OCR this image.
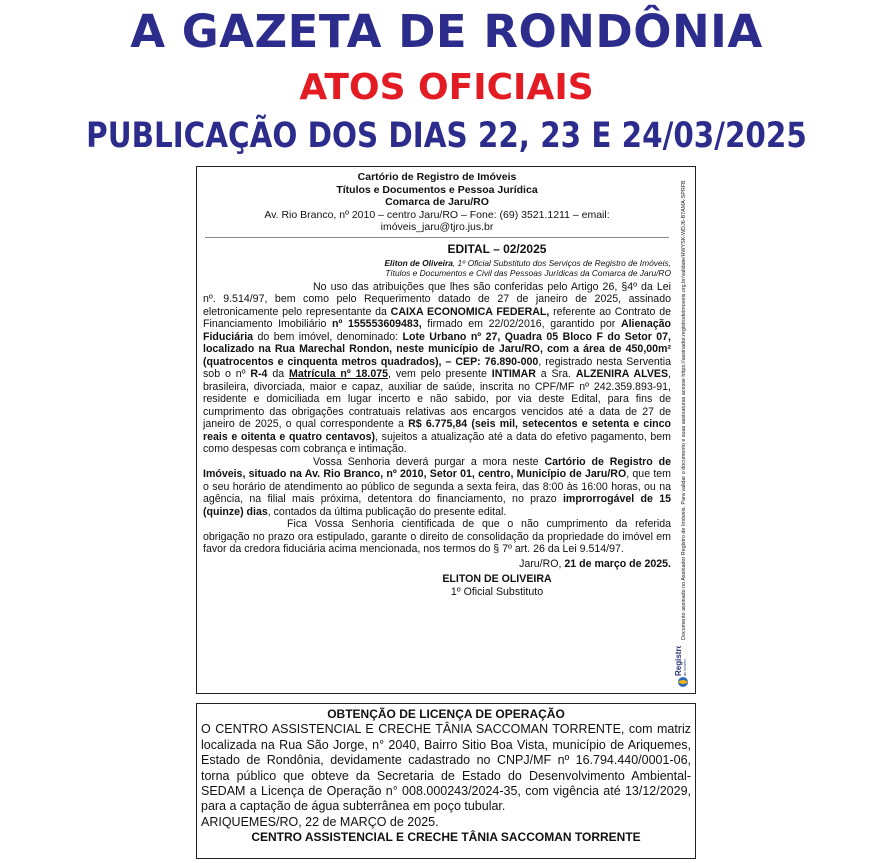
A GAZETA DE RONDÔNIA
ATOS OFICIAIS
PUBLICAÇÃO DOS DIAS 22, 23 E 24/03/2025
Cartório de Registro de Imóveis
Títulos e Documentos e Pessoa Jurídica
Comarca de Jaru/RO
Av. Rio Branco, nº 2010 – centro Jaru/RO – Fone: (69) 3521.1211 – email:
imóveis_jaru@tjro.jus.br
EDITAL – 02/2025
Eliton de Oliveira, 1º Oficial Substituto dos Serviços de Registro de Imóveis,
Títulos e Documentos e Civil das Pessoas Jurídicas da Comarca de Jaru/RO

No uso das atribuições que lhes são conferidas pelo Artigo 26, §4º da Lei nº. 9.514/97, bem como pelo Requerimento datado de 27 de janeiro de 2025, assinado eletronicamente pelo representante da CAIXA ECONOMICA FEDERAL, referente ao Contrato de Financiamento Imobiliário nº 155553609483, firmado em 22/02/2016, garantido por Alienação Fiduciária do bem imóvel, denominado: Lote Urbano nº 27, Quadra 05 Bloco F do Setor 07, localizado na Rua Marechal Rondon, neste município de Jaru/RO, com a área de 450,00m² (quatrocentos e cinquenta metros quadrados), – CEP: 76.890-000, registrado nesta Serventia sob o nº R-4 da Matrícula nº 18.075, vem pelo presente INTIMAR a Sra. ALZENIRA ALVES, brasileira, divorciada, maior e capaz, auxiliar de saúde, inscrita no CPF/MF nº 242.359.893-91, residente e domiciliada em lugar incerto e não sabido, por via deste Edital, para fins de cumprimento das obrigações contratuais relativas aos encargos vencidos até a data de 27 de janeiro de 2025, o qual correspondente a R$ 6.775,84 (seis mil, setecentos e setenta e cinco reais e oitenta e quatro centavos), sujeitos a atualização até a data do efetivo pagamento, bem como despesas com cobrança e intimação.

Vossa Senhoria deverá purgar a mora neste Cartório de Registro de Imóveis, situado na Av. Rio Branco, nº 2010, Setor 01, centro, Município de Jaru/RO, que tem o seu horário de atendimento ao público de segunda a sexta feira, das 8:00 às 16:00 horas, ou na agência, na filial mais próxima, detentora do financiamento, no prazo improrrogável de 15 (quinze) dias, contados da última publicação do presente edital.

Fica Vossa Senhoria cientificada de que o não cumprimento da referida obrigação no prazo ora estipulado, garante o direito de consolidação da propriedade do imóvel em favor da credora fiduciária acima mencionada, nos termos do § 7º art. 26 da Lei 9.514/97.

Jaru/RO, 21 de março de 2025.
ELITON DE OLIVEIRA
1º Oficial Substituto	Documento assinado no Assinador Registro de Imóveis. Para validar o documento e suas assinaturas acesse https://assinador.registrodeimoveis.org.br/validate/HWYSK-WDJ6-B7AMA-SPRFB
Registro de Imóveis
OBTENÇÃO DE LICENÇA DE OPERAÇÃO

O CENTRO ASSISTENCIAL E CRECHE TÂNIA SACCOMAN TORRENTE, com matriz localizada na Rua São Jorge, n° 2040, Bairro Sitio Boa Vista, município de Ariquemes, Estado de Rondônia, devidamente cadastrado no CNPJ/MF nº 16.794.440/0001-06, torna público que obteve da Secretaria de Estado do Desenvolvimento Ambiental-SEDAM a Licença de Operação n° 008.000243/2024-35, com vigência até 13/12/2029, para a captação de água subterrânea em poço tubular.

ARIQUEMES/RO, 22 de MARÇO de 2025.
CENTRO ASSISTENCIAL E CRECHE TÂNIA SACCOMAN TORRENTE
